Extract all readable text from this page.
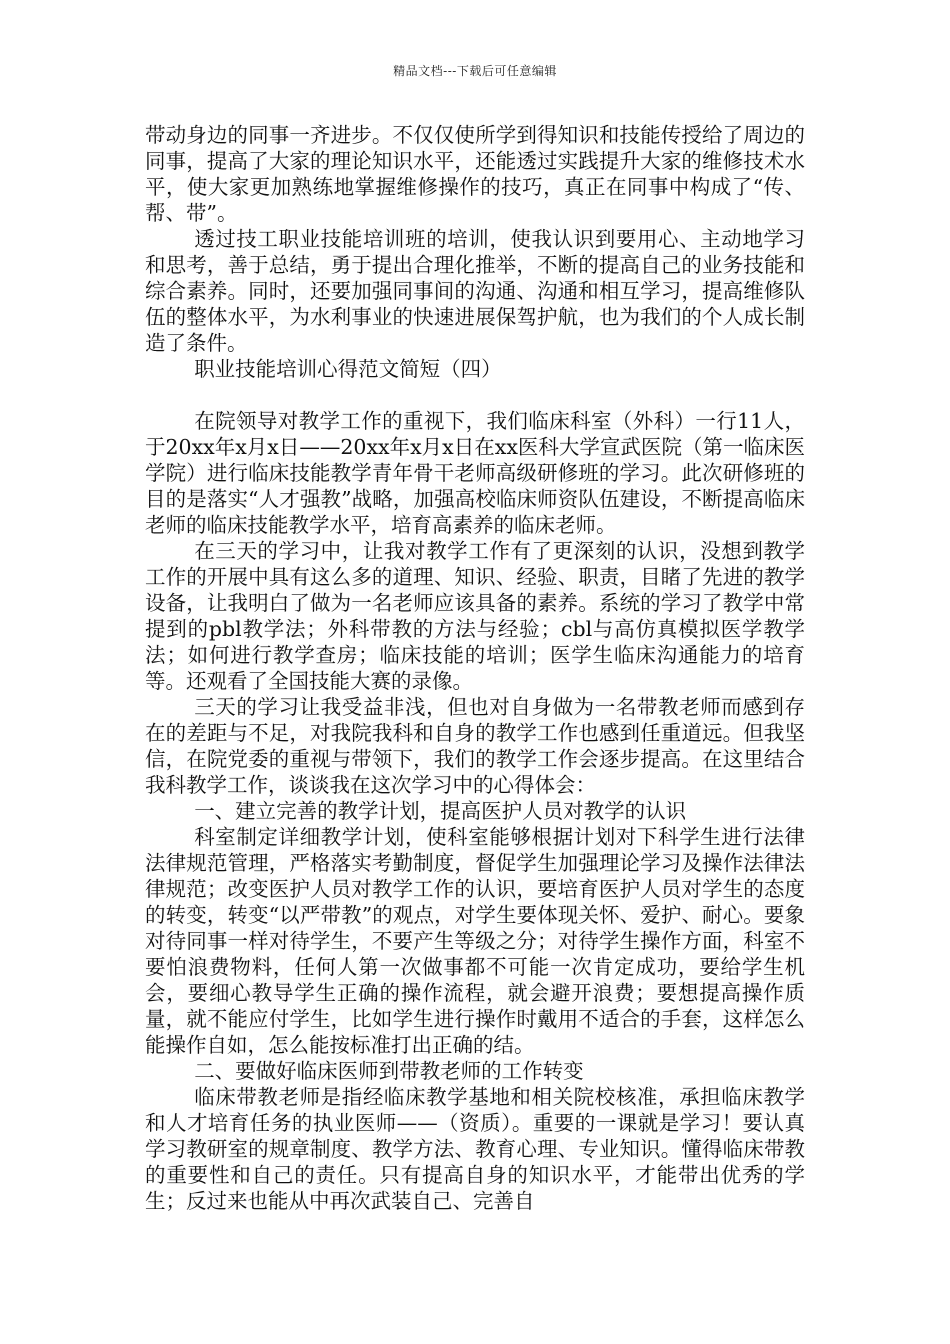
精品文档---下载后可任意编辑

带动身边的同事一齐进步。不仅仅使所学到得知识和技能传授给了周边的同事，提高了大家的理论知识水平，还能透过实践提升大家的维修技术水平，使大家更加熟练地掌握维修操作的技巧，真正在同事中构成了“传、帮、带”。

透过技工职业技能培训班的培训，使我认识到要用心、主动地学习和思考，善于总结，勇于提出合理化推举，不断的提高自己的业务技能和综合素养。同时，还要加强同事间的沟通、沟通和相互学习，提高维修队伍的整体水平，为水利事业的快速进展保驾护航，也为我们的个人成长制造了条件。

职业技能培训心得范文简短（四）

在院领导对教学工作的重视下，我们临床科室（外科）一行11人，于20xx年x月x日——20xx年x月x日在xx医科大学宣武医院（第一临床医学院）进行临床技能教学青年骨干老师高级研修班的学习。此次研修班的目的是落实“人才强教”战略，加强高校临床师资队伍建设，不断提高临床老师的临床技能教学水平，培育高素养的临床老师。

在三天的学习中，让我对教学工作有了更深刻的认识，没想到教学工作的开展中具有这么多的道理、知识、经验、职责，目睹了先进的教学设备，让我明白了做为一名老师应该具备的素养。系统的学习了教学中常提到的pbl教学法；外科带教的方法与经验；cbl与高仿真模拟医学教学法；如何进行教学查房；临床技能的培训；医学生临床沟通能力的培育等。还观看了全国技能大赛的录像。

三天的学习让我受益非浅，但也对自身做为一名带教老师而感到存在的差距与不足，对我院我科和自身的教学工作也感到任重道远。但我坚信，在院党委的重视与带领下，我们的教学工作会逐步提高。在这里结合我科教学工作，谈谈我在这次学习中的心得体会：

一、建立完善的教学计划，提高医护人员对教学的认识

科室制定详细教学计划，使科室能够根据计划对下科学生进行法律法律规范管理，严格落实考勤制度，督促学生加强理论学习及操作法律法律规范；改变医护人员对教学工作的认识，要培育医护人员对学生的态度的转变，转变“以严带教”的观点，对学生要体现关怀、爱护、耐心。要象对待同事一样对待学生，不要产生等级之分；对待学生操作方面，科室不要怕浪费物料，任何人第一次做事都不可能一次肯定成功，要给学生机会，要细心教导学生正确的操作流程，就会避开浪费；要想提高操作质量，就不能应付学生，比如学生进行操作时戴用不适合的手套，这样怎么能操作自如，怎么能按标准打出正确的结。

二、要做好临床医师到带教老师的工作转变

临床带教老师是指经临床教学基地和相关院校核准，承担临床教学和人才培育任务的执业医师——（资质）。重要的一课就是学习！要认真学习教研室的规章制度、教学方法、教育心理、专业知识。懂得临床带教的重要性和自己的责任。只有提高自身的知识水平，才能带出优秀的学生；反过来也能从中再次武装自己、完善自
